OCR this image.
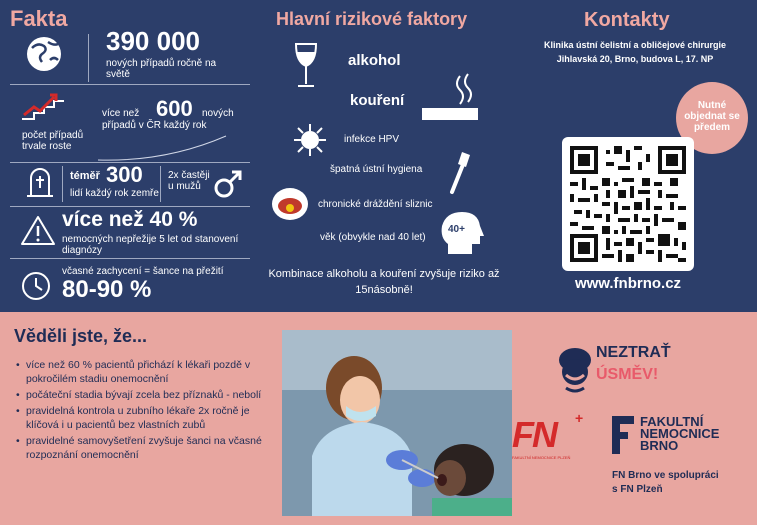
Fakta
390 000
nových případů ročně na světě
počet případů trvale roste
více než 600 nových
případů v ČR každý rok
téměř 300
lidí každý rok zemře
2x častěji u mužů
více než 40 %
nemocných nepřežije 5 let od stanovení diagnózy
včasné zachycení = šance na přežití
80-90 %
Hlavní rizikové faktory
alkohol
kouření
infekce HPV
špatná ústní hygiena
chronické dráždění sliznic
věk (obvykle nad 40 let)
40+
Kombinace alkoholu a kouření zvyšuje riziko až 15násobně!
Kontakty
Klinika ústní čelistní a obličejové chirurgie
Jihlavská 20, Brno, budova L, 17. NP
Nutné objednat se předem
www.fnbrno.cz
Věděli jste, že...
• více než 60 % pacientů přichází k lékaři pozdě v pokročilém stadiu onemocnění
• počáteční stadia bývají zcela bez příznaků - nebolí
• pravidelná kontrola u zubního lékaře 2x ročně je klíčová i u pacientů bez vlastních zubů
• pravidelné samovyšetření zvyšuje šanci na včasné rozpoznání onemocnění
NEZTRAŤ
ÚSMĚV!
FN +
FAKULTNÍ NEMOCNICE PLZEŇ
FAKULTNÍ
NEMOCNICE
BRNO
FN Brno ve spolupráci
s FN Plzeň
